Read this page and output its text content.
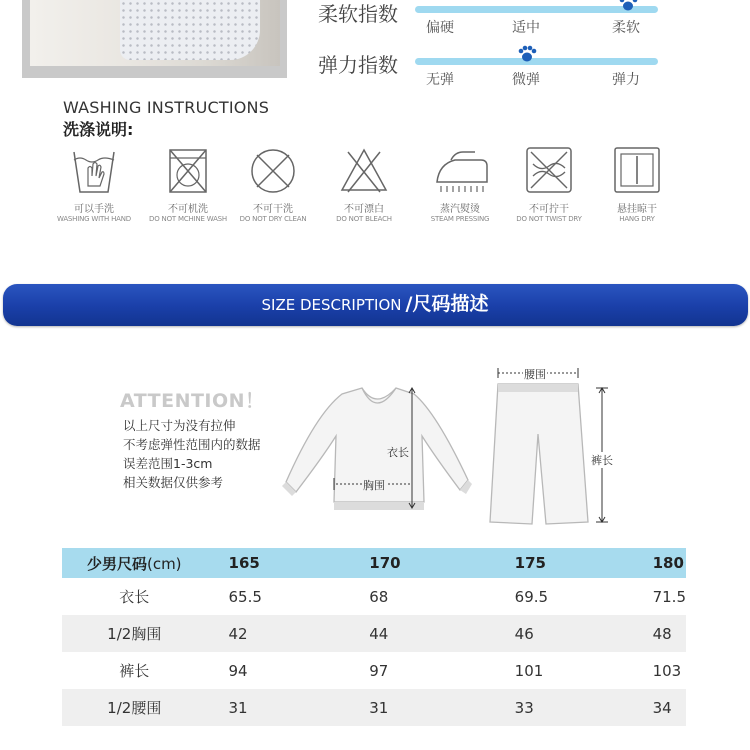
柔软指数
偏硬	适中	柔软
弹力指数
无弹	微弹	弹力
WASHING INSTRUCTIONS
洗涤说明:
可以手洗
WASHING WITH HAND
不可机洗
DO NOT MCHINE WASH
不可干洗
DO NOT DRY CLEAN
不可漂白
DO NOT BLEACH
蒸汽熨烫
STEAM PRESSING
不可拧干
DO NOT TWIST DRY
悬挂晾干
HANG DRY
SIZE DESCRIPTION /尺码描述
ATTENTION！
以上尺寸为没有拉伸
不考虑弹性范围内的数据
误差范围1-3cm
相关数据仅供参考
衣长
胸围
腰围
裤长
少男尺码(cm)	165	170	175	180
衣长	65.5	68	69.5	71.5
1/2胸围	42	44	46	48
裤长	94	97	101	103
1/2腰围	31	31	33	34
